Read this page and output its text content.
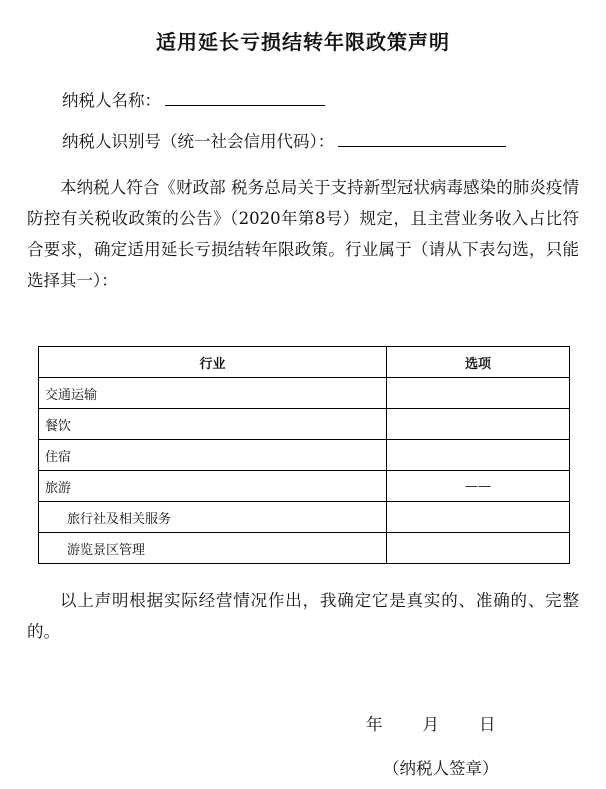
适用延长亏损结转年限政策声明
纳税人名称：
纳税人识别号（统一社会信用代码）：
本纳税人符合《财政部 税务总局关于支持新型冠状病毒感染的肺炎疫情防控有关税收政策的公告》（2020年第8号）规定，且主营业务收入占比符合要求，确定适用延长亏损结转年限政策。行业属于（请从下表勾选，只能选择其一）：
行业	选项
交通运输	
餐饮	
住宿	
旅游	——
旅行社及相关服务	
游览景区管理	
以上声明根据实际经营情况作出，我确定它是真实的、准确的、完整的。
年 月 日
（纳税人签章）
